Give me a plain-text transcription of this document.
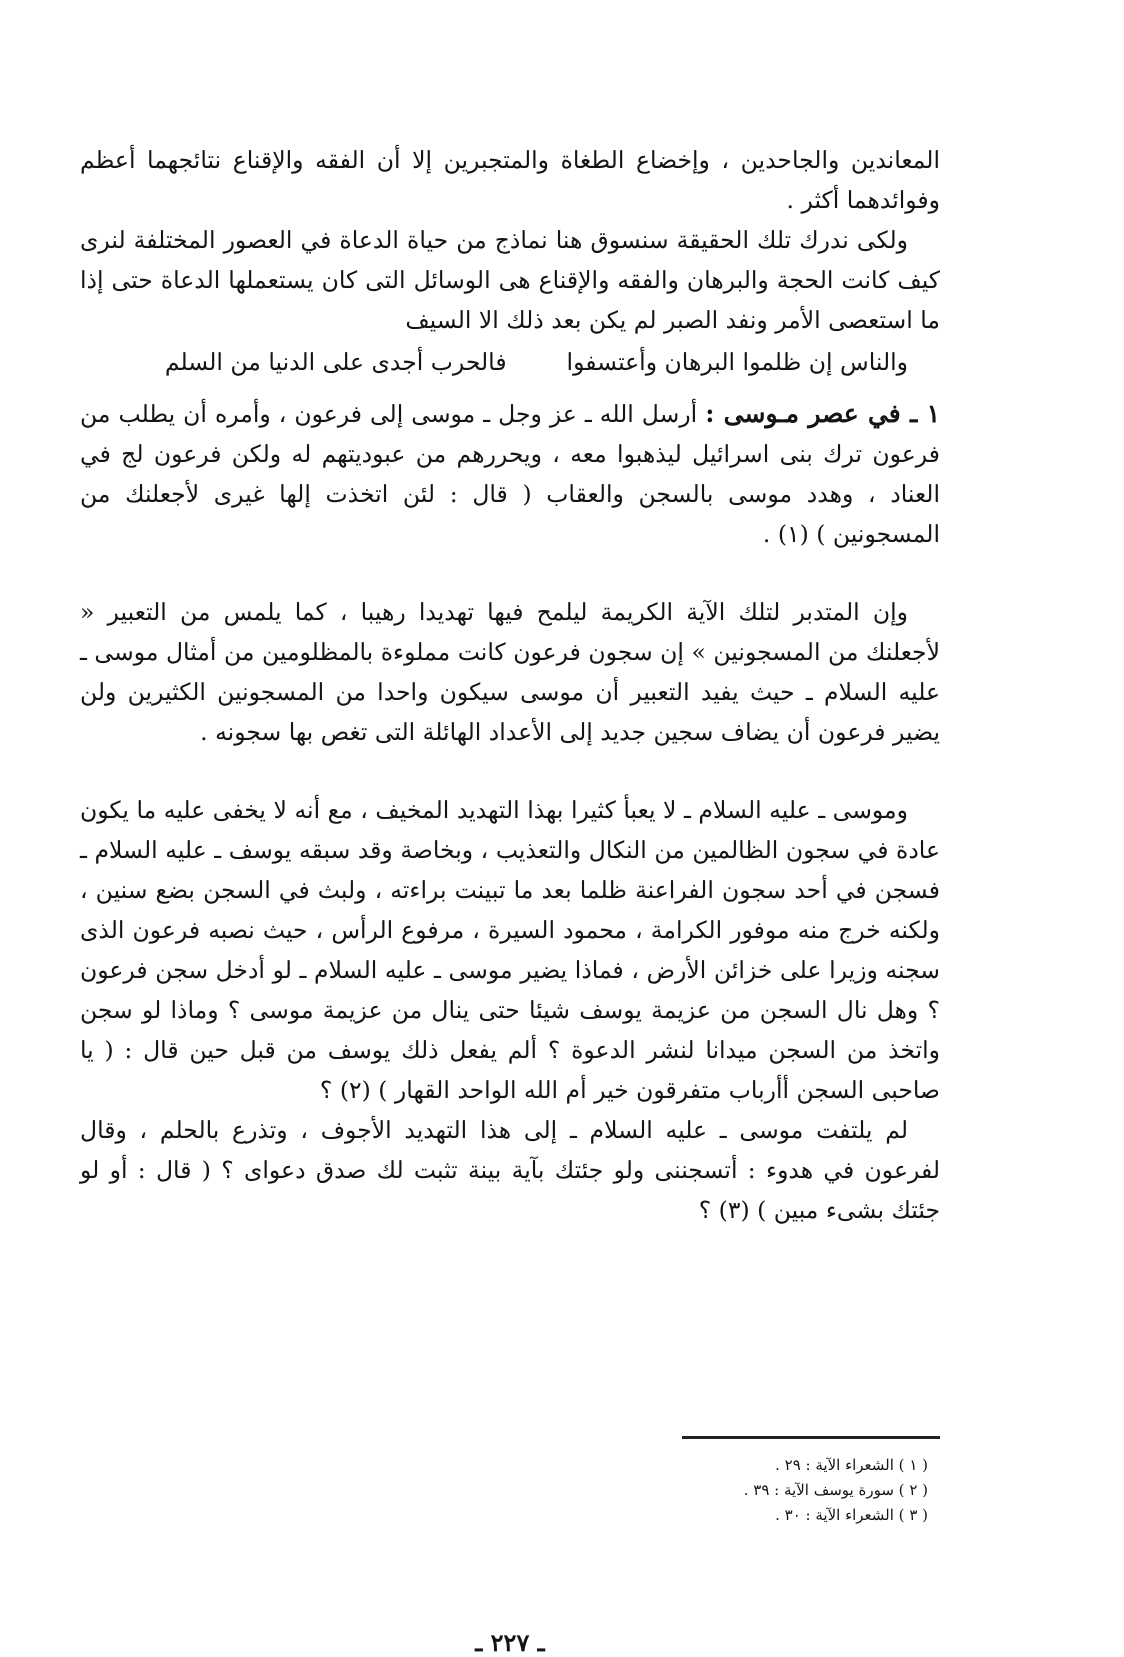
المعاندين والجاحدين ، وإخضاع الطغاة والمتجبرين إلا أن الفقه والإقناع نتائجهما أعظم وفوائدهما أكثر .

ولكى ندرك تلك الحقيقة سنسوق هنا نماذج من حياة الدعاة في العصور المختلفة لنرى كيف كانت الحجة والبرهان والفقه والإقناع هى الوسائل التى كان يستعملها الدعاة حتى إذا ما استعصى الأمر ونفد الصبر لم يكن بعد ذلك الا السيف

والناس إن ظلموا البرهان وأعتسفوا
فالحرب أجدى على الدنيا من السلم

١ ـ في عصر مـوسى : أرسل الله ـ عز وجل ـ موسى إلى فرعون ، وأمره أن يطلب من فرعون ترك بنى اسرائيل ليذهبوا معه ، ويحررهم من عبوديتهم له ولكن فرعون لج في العناد ، وهدد موسى بالسجن والعقاب ( قال : لئن اتخذت إلها غيرى لأجعلنك من المسجونين ) (١) .

وإن المتدبر لتلك الآية الكريمة ليلمح فيها تهديدا رهيبا ، كما يلمس من التعبير « لأجعلنك من المسجونين » إن سجون فرعون كانت مملوءة بالمظلومين من أمثال موسى ـ عليه السلام ـ حيث يفيد التعبير أن موسى سيكون واحدا من المسجونين الكثيرين ولن يضير فرعون أن يضاف سجين جديد إلى الأعداد الهائلة التى تغص بها سجونه .

وموسى ـ عليه السلام ـ لا يعبأ كثيرا بهذا التهديد المخيف ، مع أنه لا يخفى عليه ما يكون عادة في سجون الظالمين من النكال والتعذيب ، وبخاصة وقد سبقه يوسف ـ عليه السلام ـ فسجن في أحد سجون الفراعنة ظلما بعد ما تبينت براءته ، ولبث في السجن بضع سنين ، ولكنه خرج منه موفور الكرامة ، محمود السيرة ، مرفوع الرأس ، حيث نصبه فرعون الذى سجنه وزيرا على خزائن الأرض ، فماذا يضير موسى ـ عليه السلام ـ لو أدخل سجن فرعون ؟ وهل نال السجن من عزيمة يوسف شيئا حتى ينال من عزيمة موسى ؟ وماذا لو سجن واتخذ من السجن ميدانا لنشر الدعوة ؟ ألم يفعل ذلك يوسف من قبل حين قال : ( يا صاحبى السجن أأرباب متفرقون خير أم الله الواحد القهار ) (٢) ؟

لم يلتفت موسى ـ عليه السلام ـ إلى هذا التهديد الأجوف ، وتذرع بالحلم ، وقال لفرعون في هدوء : أتسجننى ولو جئتك بآية بينة تثبت لك صدق دعواى ؟ ( قال : أو لو جئتك بشىء مبين ) (٣) ؟

( ١ ) الشعراء الآية : ٢٩ .

( ٢ ) سورة يوسف الآية : ٣٩ .

( ٣ ) الشعراء الآية : ٣٠ .

ـ ٢٢٧ ـ
